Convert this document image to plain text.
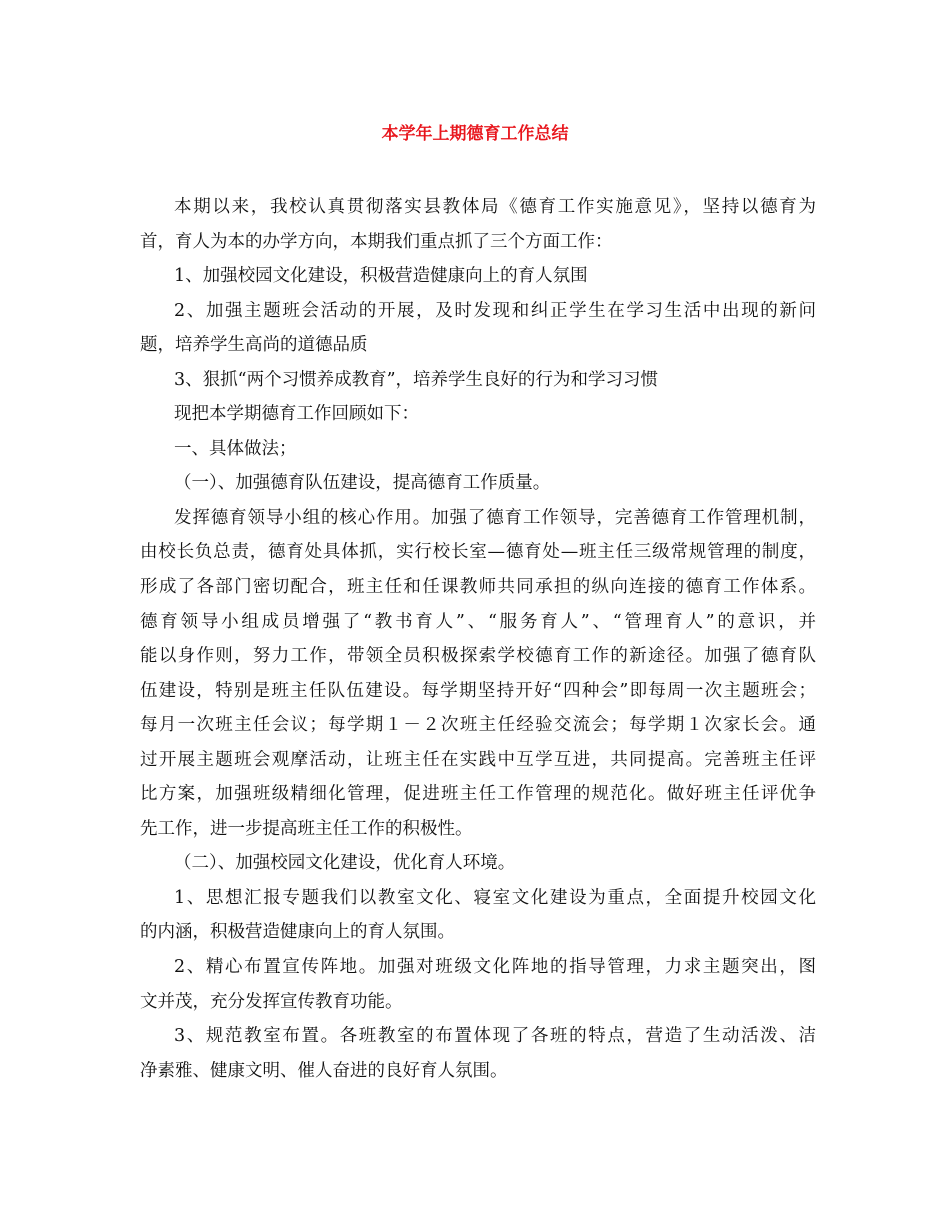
本学年上期德育工作总结

本期以来，我校认真贯彻落实县教体局《德育工作实施意见》，坚持以德育为

首，育人为本的办学方向，本期我们重点抓了三个方面工作：

1、加强校园文化建设，积极营造健康向上的育人氛围

2、加强主题班会活动的开展，及时发现和纠正学生在学习生活中出现的新问

题，培养学生高尚的道德品质

3、狠抓“两个习惯养成教育”，培养学生良好的行为和学习习惯

现把本学期德育工作回顾如下：

一、具体做法；

（一）、加强德育队伍建设，提高德育工作质量。

发挥德育领导小组的核心作用。加强了德育工作领导，完善德育工作管理机制，

由校长负总责，德育处具体抓，实行校长室—德育处—班主任三级常规管理的制度，

形成了各部门密切配合，班主任和任课教师共同承担的纵向连接的德育工作体系。

德育领导小组成员增强了“教书育人”、“服务育人”、“管理育人”的意识，并

能以身作则，努力工作，带领全员积极探索学校德育工作的新途径。加强了德育队

伍建设，特别是班主任队伍建设。每学期坚持开好“四种会”即每周一次主题班会；

每月一次班主任会议；每学期１－２次班主任经验交流会；每学期１次家长会。通

过开展主题班会观摩活动，让班主任在实践中互学互进，共同提高。完善班主任评

比方案，加强班级精细化管理，促进班主任工作管理的规范化。做好班主任评优争

先工作，进一步提高班主任工作的积极性。

（二）、加强校园文化建设，优化育人环境。

1、思想汇报专题我们以教室文化、寝室文化建设为重点，全面提升校园文化

的内涵，积极营造健康向上的育人氛围。

2、精心布置宣传阵地。加强对班级文化阵地的指导管理，力求主题突出，图

文并茂，充分发挥宣传教育功能。

3、规范教室布置。各班教室的布置体现了各班的特点，营造了生动活泼、洁

净素雅、健康文明、催人奋进的良好育人氛围。
